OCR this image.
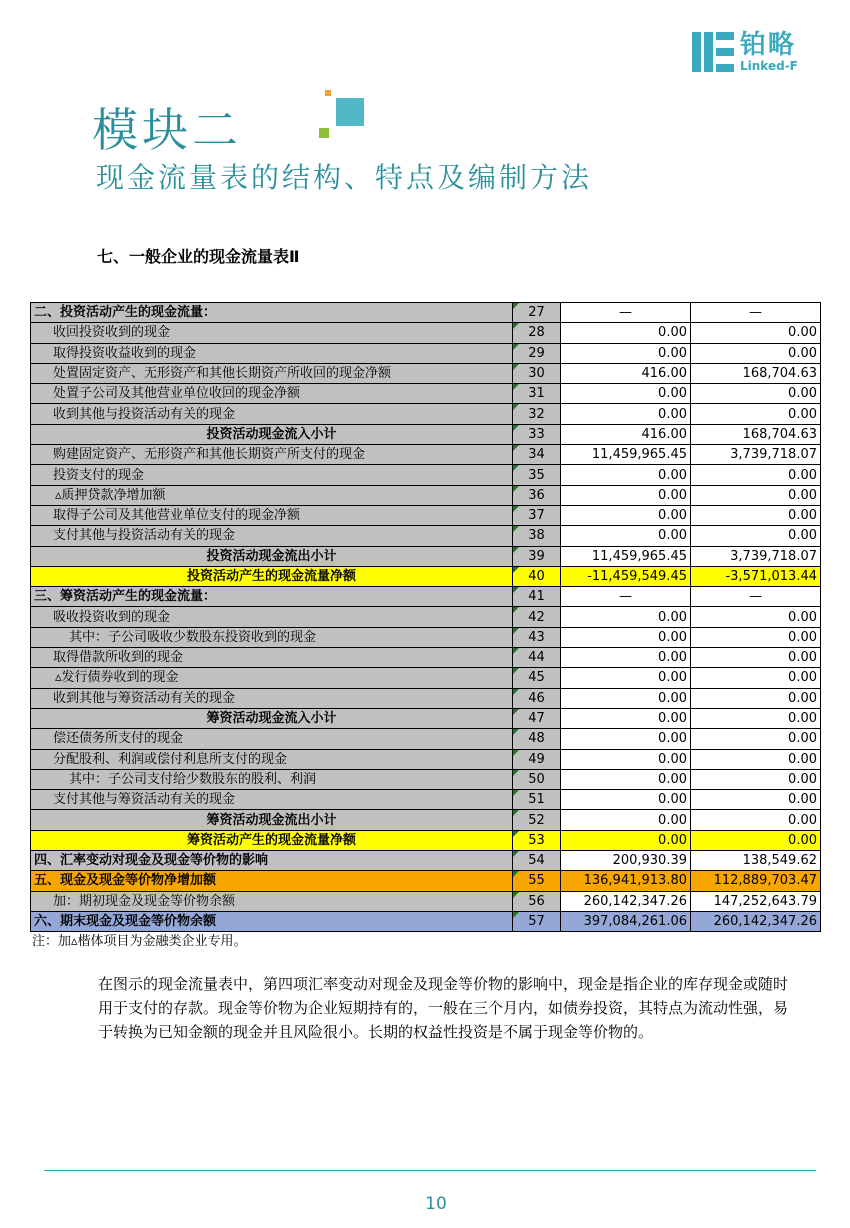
铂略
Linked-F
模块二
现金流量表的结构、特点及编制方法
七、一般企业的现金流量表Ⅱ
二、投资活动产生的现金流量：	27	—	—
收回投资收到的现金	28	0.00	0.00
取得投资收益收到的现金	29	0.00	0.00
处置固定资产、无形资产和其他长期资产所收回的现金净额	30	416.00	168,704.63
处置子公司及其他营业单位收回的现金净额	31	0.00	0.00
收到其他与投资活动有关的现金	32	0.00	0.00
投资活动现金流入小计	33	416.00	168,704.63
购建固定资产、无形资产和其他长期资产所支付的现金	34	11,459,965.45	3,739,718.07
投资支付的现金	35	0.00	0.00
▵质押贷款净增加额	36	0.00	0.00
取得子公司及其他营业单位支付的现金净额	37	0.00	0.00
支付其他与投资活动有关的现金	38	0.00	0.00
投资活动现金流出小计	39	11,459,965.45	3,739,718.07
投资活动产生的现金流量净额	40	-11,459,549.45	-3,571,013.44
三、筹资活动产生的现金流量：	41	—	—
吸收投资收到的现金	42	0.00	0.00
其中：子公司吸收少数股东投资收到的现金	43	0.00	0.00
取得借款所收到的现金	44	0.00	0.00
▵发行债券收到的现金	45	0.00	0.00
收到其他与筹资活动有关的现金	46	0.00	0.00
筹资活动现金流入小计	47	0.00	0.00
偿还债务所支付的现金	48	0.00	0.00
分配股利、利润或偿付利息所支付的现金	49	0.00	0.00
其中：子公司支付给少数股东的股利、利润	50	0.00	0.00
支付其他与筹资活动有关的现金	51	0.00	0.00
筹资活动现金流出小计	52	0.00	0.00
筹资活动产生的现金流量净额	53	0.00	0.00
四、汇率变动对现金及现金等价物的影响	54	200,930.39	138,549.62
五、现金及现金等价物净增加额	55	136,941,913.80	112,889,703.47
加：期初现金及现金等价物余额	56	260,142,347.26	147,252,643.79
六、期末现金及现金等价物余额	57	397,084,261.06	260,142,347.26
注：加▵楷体项目为金融类企业专用。
在图示的现金流量表中，第四项汇率变动对现金及现金等价物的影响中，现金是指企业的库存现金或随时用于支付的存款。现金等价物为企业短期持有的，一般在三个月内，如债券投资，其特点为流动性强，易于转换为已知金额的现金并且风险很小。长期的权益性投资是不属于现金等价物的。
10
